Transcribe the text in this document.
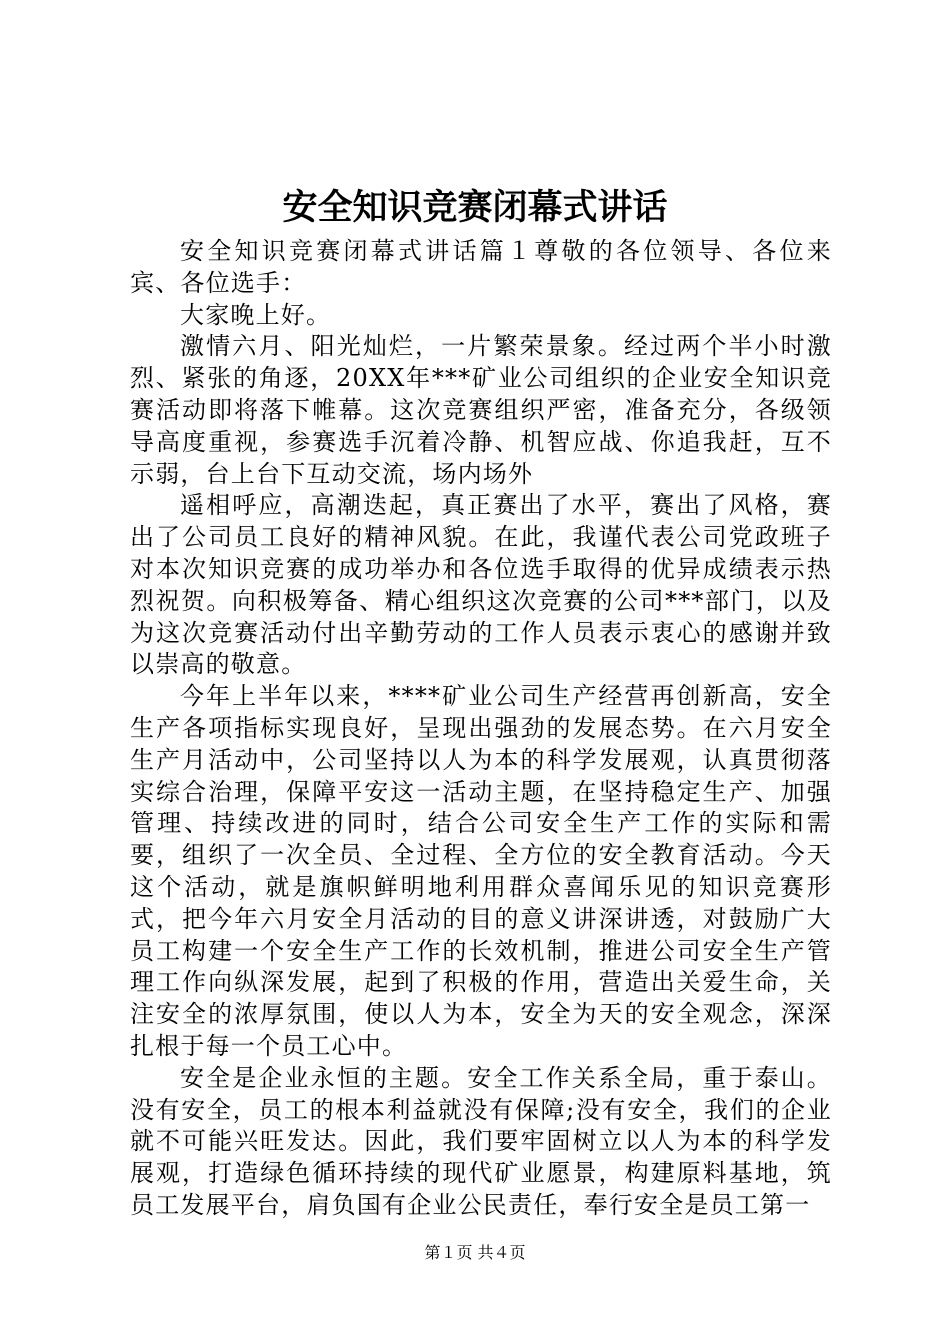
安全知识竞赛闭幕式讲话

安全知识竞赛闭幕式讲话篇１尊敬的各位领导、各位来宾、各位选手：

大家晚上好。

激情六月、阳光灿烂，一片繁荣景象。经过两个半小时激烈、紧张的角逐，20XX年***矿业公司组织的企业安全知识竞赛活动即将落下帷幕。这次竞赛组织严密，准备充分，各级领导高度重视，参赛选手沉着冷静、机智应战、你追我赶，互不示弱，台上台下互动交流，场内场外

遥相呼应，高潮迭起，真正赛出了水平，赛出了风格，赛出了公司员工良好的精神风貌。在此，我谨代表公司党政班子对本次知识竞赛的成功举办和各位选手取得的优异成绩表示热烈祝贺。向积极筹备、精心组织这次竞赛的公司***部门，以及为这次竞赛活动付出辛勤劳动的工作人员表示衷心的感谢并致以崇高的敬意。

今年上半年以来，****矿业公司生产经营再创新高，安全生产各项指标实现良好，呈现出强劲的发展态势。在六月安全生产月活动中，公司坚持以人为本的科学发展观，认真贯彻落实综合治理，保障平安这一活动主题，在坚持稳定生产、加强管理、持续改进的同时，结合公司安全生产工作的实际和需要，组织了一次全员、全过程、全方位的安全教育活动。今天这个活动，就是旗帜鲜明地利用群众喜闻乐见的知识竞赛形式，把今年六月安全月活动的目的意义讲深讲透，对鼓励广大员工构建一个安全生产工作的长效机制，推进公司安全生产管理工作向纵深发展，起到了积极的作用，营造出关爱生命，关注安全的浓厚氛围，使以人为本，安全为天的安全观念，深深扎根于每一个员工心中。

安全是企业永恒的主题。安全工作关系全局，重于泰山。没有安全，员工的根本利益就没有保障;没有安全，我们的企业就不可能兴旺发达。因此，我们要牢固树立以人为本的科学发展观，打造绿色循环持续的现代矿业愿景，构建原料基地，筑员工发展平台，肩负国有企业公民责任，奉行安全是员工第一

第１页 共４页
